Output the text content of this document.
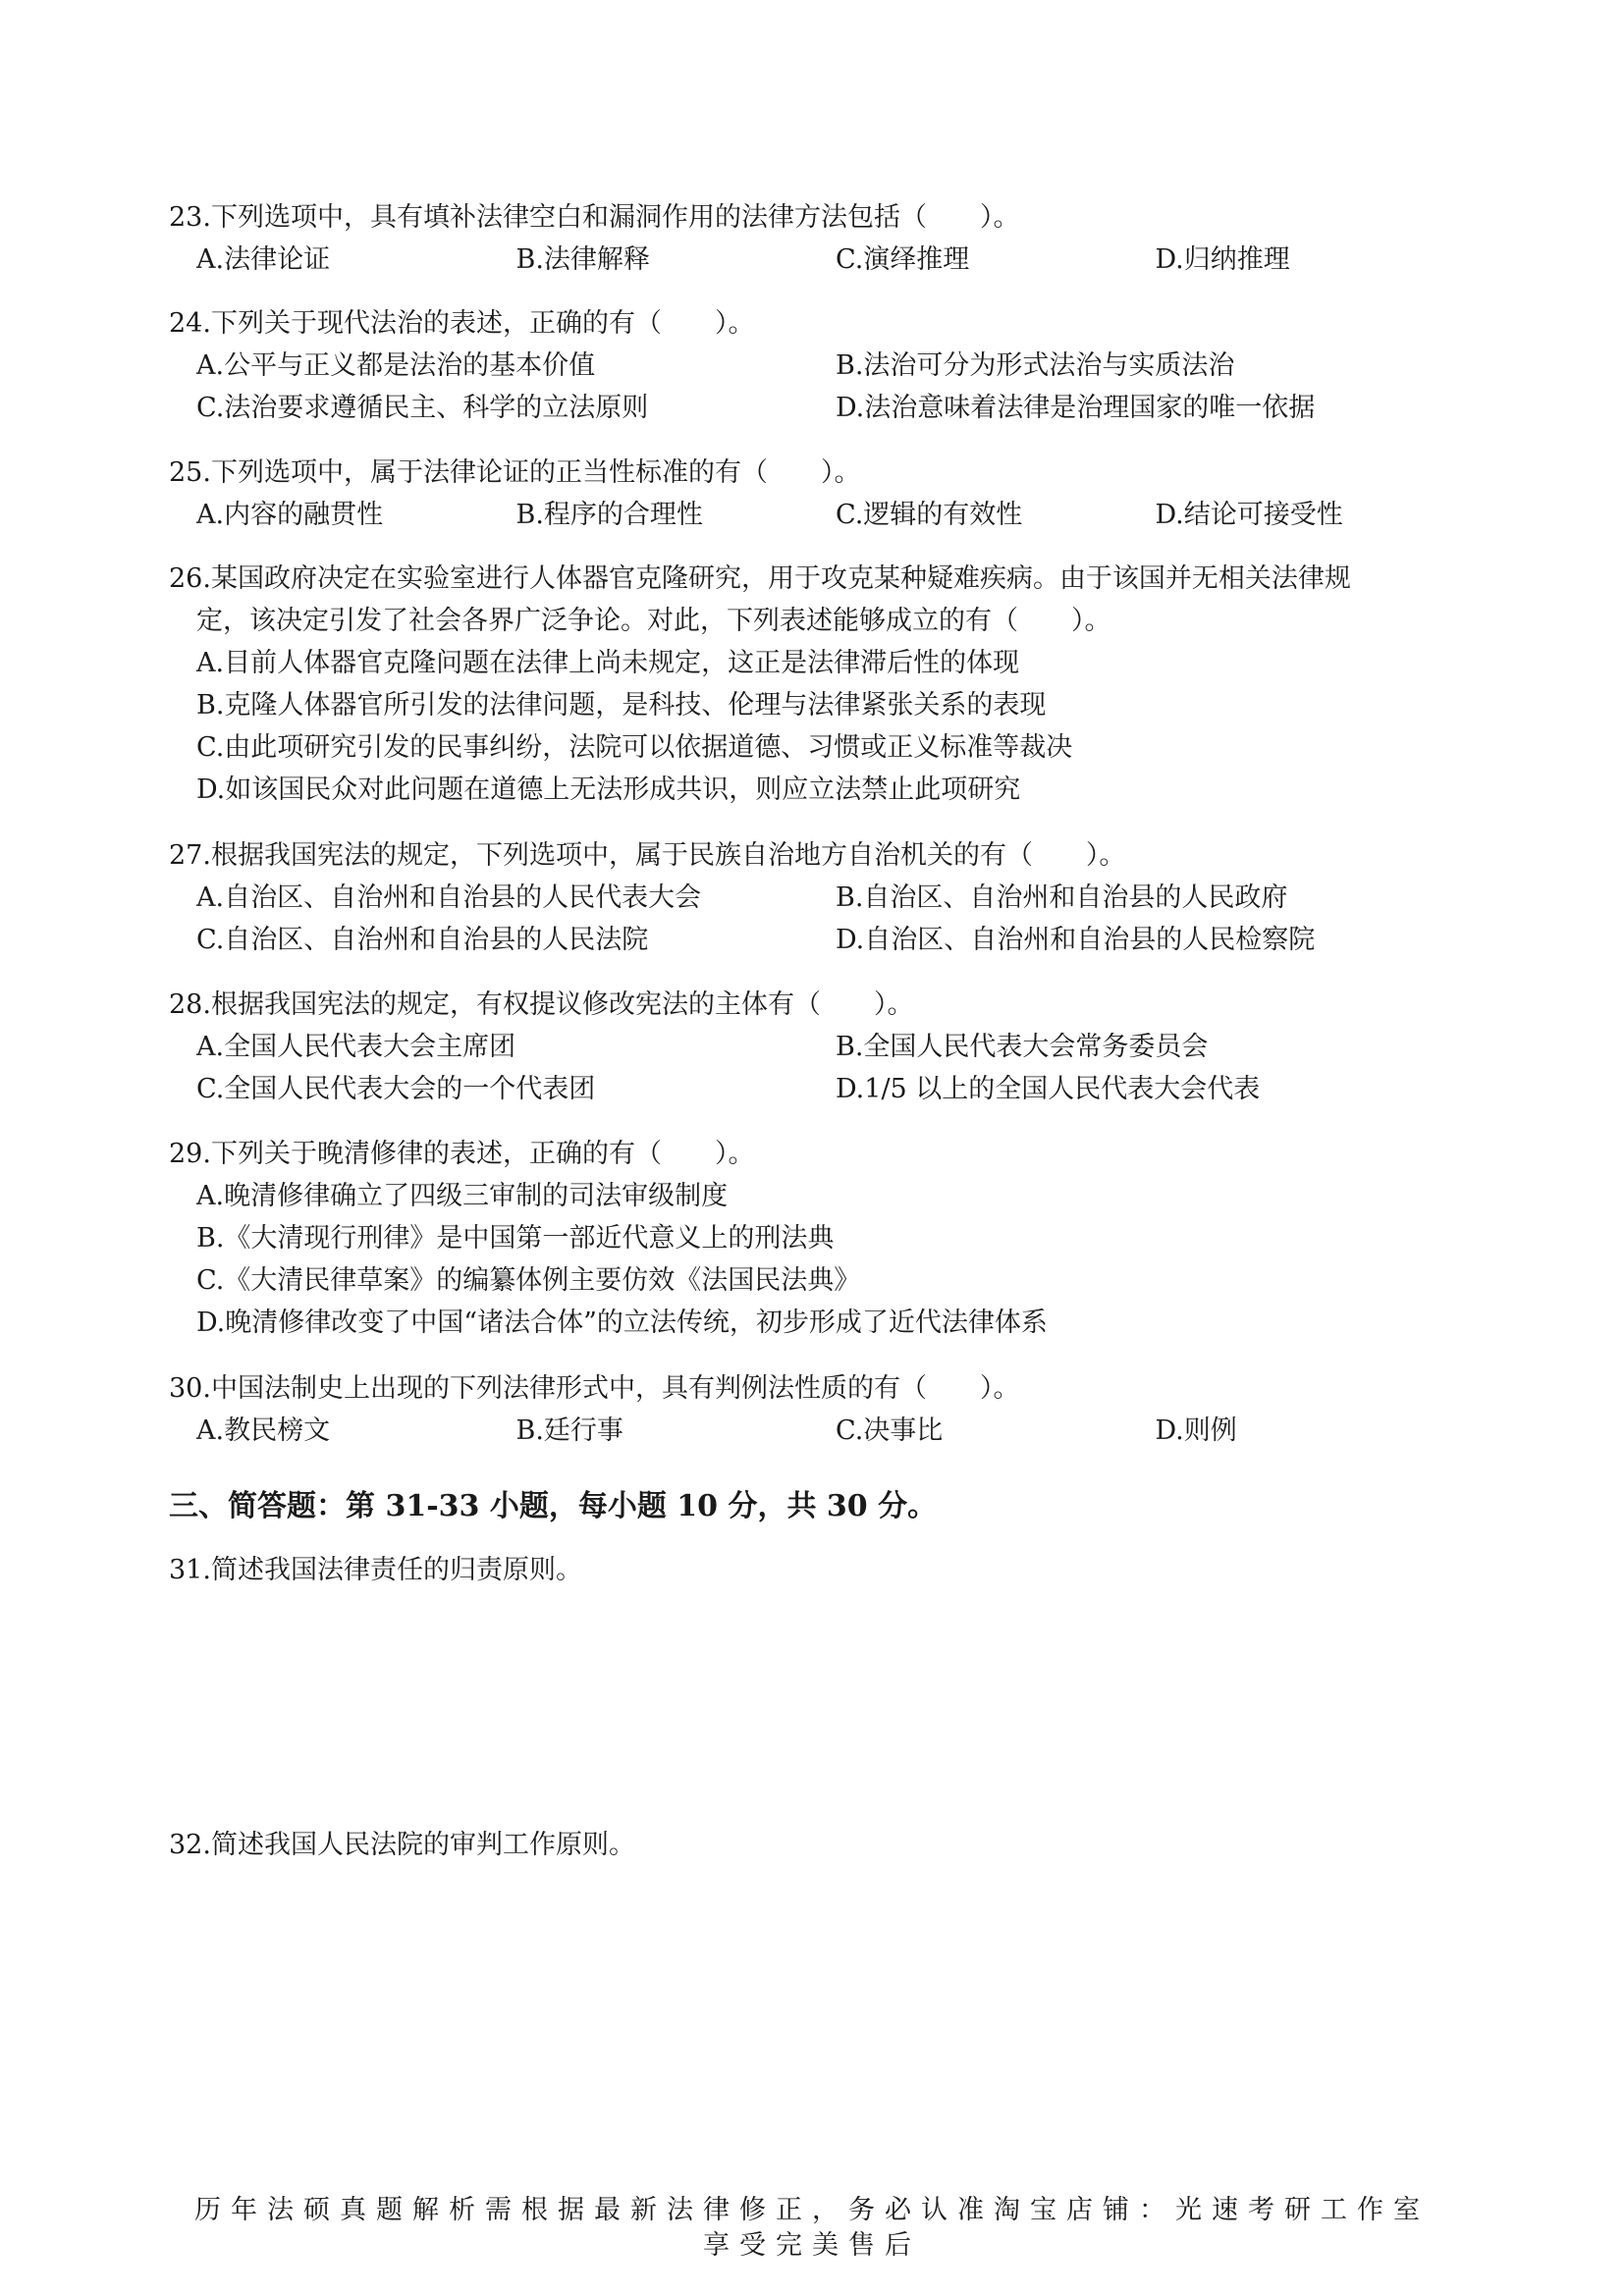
23.下列选项中，具有填补法律空白和漏洞作用的法律方法包括（　　）。
A.法律论证	B.法律解释	C.演绎推理	D.归纳推理
24.下列关于现代法治的表述，正确的有（　　）。
A.公平与正义都是法治的基本价值	B.法治可分为形式法治与实质法治
C.法治要求遵循民主、科学的立法原则	D.法治意味着法律是治理国家的唯一依据
25.下列选项中，属于法律论证的正当性标准的有（　　）。
A.内容的融贯性	B.程序的合理性	C.逻辑的有效性	D.结论可接受性
26.某国政府决定在实验室进行人体器官克隆研究，用于攻克某种疑难疾病。由于该国并无相关法律规
定，该决定引发了社会各界广泛争论。对此，下列表述能够成立的有（　　）。
A.目前人体器官克隆问题在法律上尚未规定，这正是法律滞后性的体现
B.克隆人体器官所引发的法律问题，是科技、伦理与法律紧张关系的表现
C.由此项研究引发的民事纠纷，法院可以依据道德、习惯或正义标准等裁决
D.如该国民众对此问题在道德上无法形成共识，则应立法禁止此项研究
27.根据我国宪法的规定，下列选项中，属于民族自治地方自治机关的有（　　）。
A.自治区、自治州和自治县的人民代表大会	B.自治区、自治州和自治县的人民政府
C.自治区、自治州和自治县的人民法院	D.自治区、自治州和自治县的人民检察院
28.根据我国宪法的规定，有权提议修改宪法的主体有（　　）。
A.全国人民代表大会主席团	B.全国人民代表大会常务委员会
C.全国人民代表大会的一个代表团	D.1/5 以上的全国人民代表大会代表
29.下列关于晚清修律的表述，正确的有（　　）。
A.晚清修律确立了四级三审制的司法审级制度
B.《大清现行刑律》是中国第一部近代意义上的刑法典
C.《大清民律草案》的编纂体例主要仿效《法国民法典》
D.晚清修律改变了中国“诸法合体”的立法传统，初步形成了近代法律体系
30.中国法制史上出现的下列法律形式中，具有判例法性质的有（　　）。
A.教民榜文	B.廷行事	C.决事比	D.则例
三、简答题：第 31-33 小题，每小题 10 分，共 30 分。
31.简述我国法律责任的归责原则。
32.简述我国人民法院的审判工作原则。
历年法硕真题解析需根据最新法律修正，务必认准淘宝店铺：光速考研工作室
享受完美售后
